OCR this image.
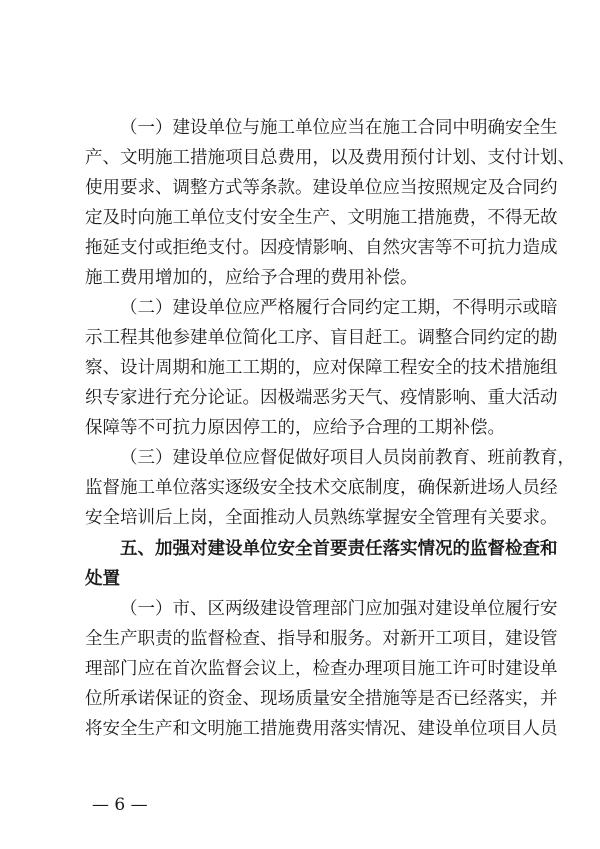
（一）建设单位与施工单位应当在施工合同中明确安全生
产、文明施工措施项目总费用，以及费用预付计划、支付计划、
使用要求、调整方式等条款。建设单位应当按照规定及合同约
定及时向施工单位支付安全生产、文明施工措施费，不得无故
拖延支付或拒绝支付。因疫情影响、自然灾害等不可抗力造成
施工费用增加的，应给予合理的费用补偿。
（二）建设单位应严格履行合同约定工期，不得明示或暗
示工程其他参建单位简化工序、盲目赶工。调整合同约定的勘
察、设计周期和施工工期的，应对保障工程安全的技术措施组
织专家进行充分论证。因极端恶劣天气、疫情影响、重大活动
保障等不可抗力原因停工的，应给予合理的工期补偿。
（三）建设单位应督促做好项目人员岗前教育、班前教育，
监督施工单位落实逐级安全技术交底制度，确保新进场人员经
安全培训后上岗，全面推动人员熟练掌握安全管理有关要求。
五、加强对建设单位安全首要责任落实情况的监督检查和
处置
（一）市、区两级建设管理部门应加强对建设单位履行安
全生产职责的监督检查、指导和服务。对新开工项目，建设管
理部门应在首次监督会议上，检查办理项目施工许可时建设单
位所承诺保证的资金、现场质量安全措施等是否已经落实，并
将安全生产和文明施工措施费用落实情况、建设单位项目人员
— 6 —
